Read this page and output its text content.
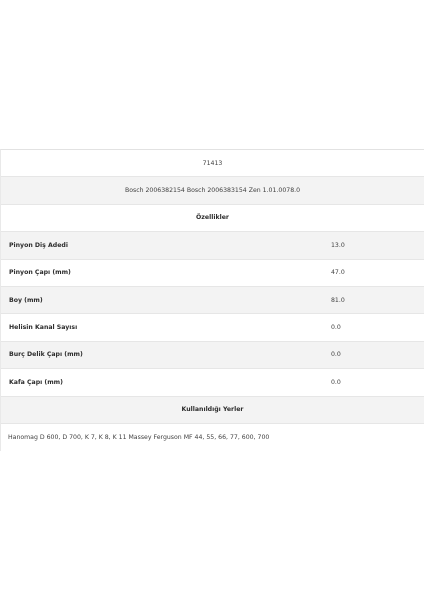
71413
Bosch 2006382154 Bosch 2006383154 Zen 1.01.0078.0
Özellikler
Pinyon Diş Adedi	13.0
Pinyon Çapı (mm)	47.0
Boy (mm)	81.0
Helisin Kanal Sayısı	0.0
Burç Delik Çapı (mm)	0.0
Kafa Çapı (mm)	0.0
Kullanıldığı Yerler
Hanomag D 600, D 700, K 7, K 8, K 11 Massey Ferguson MF 44, 55, 66, 77, 600, 700
